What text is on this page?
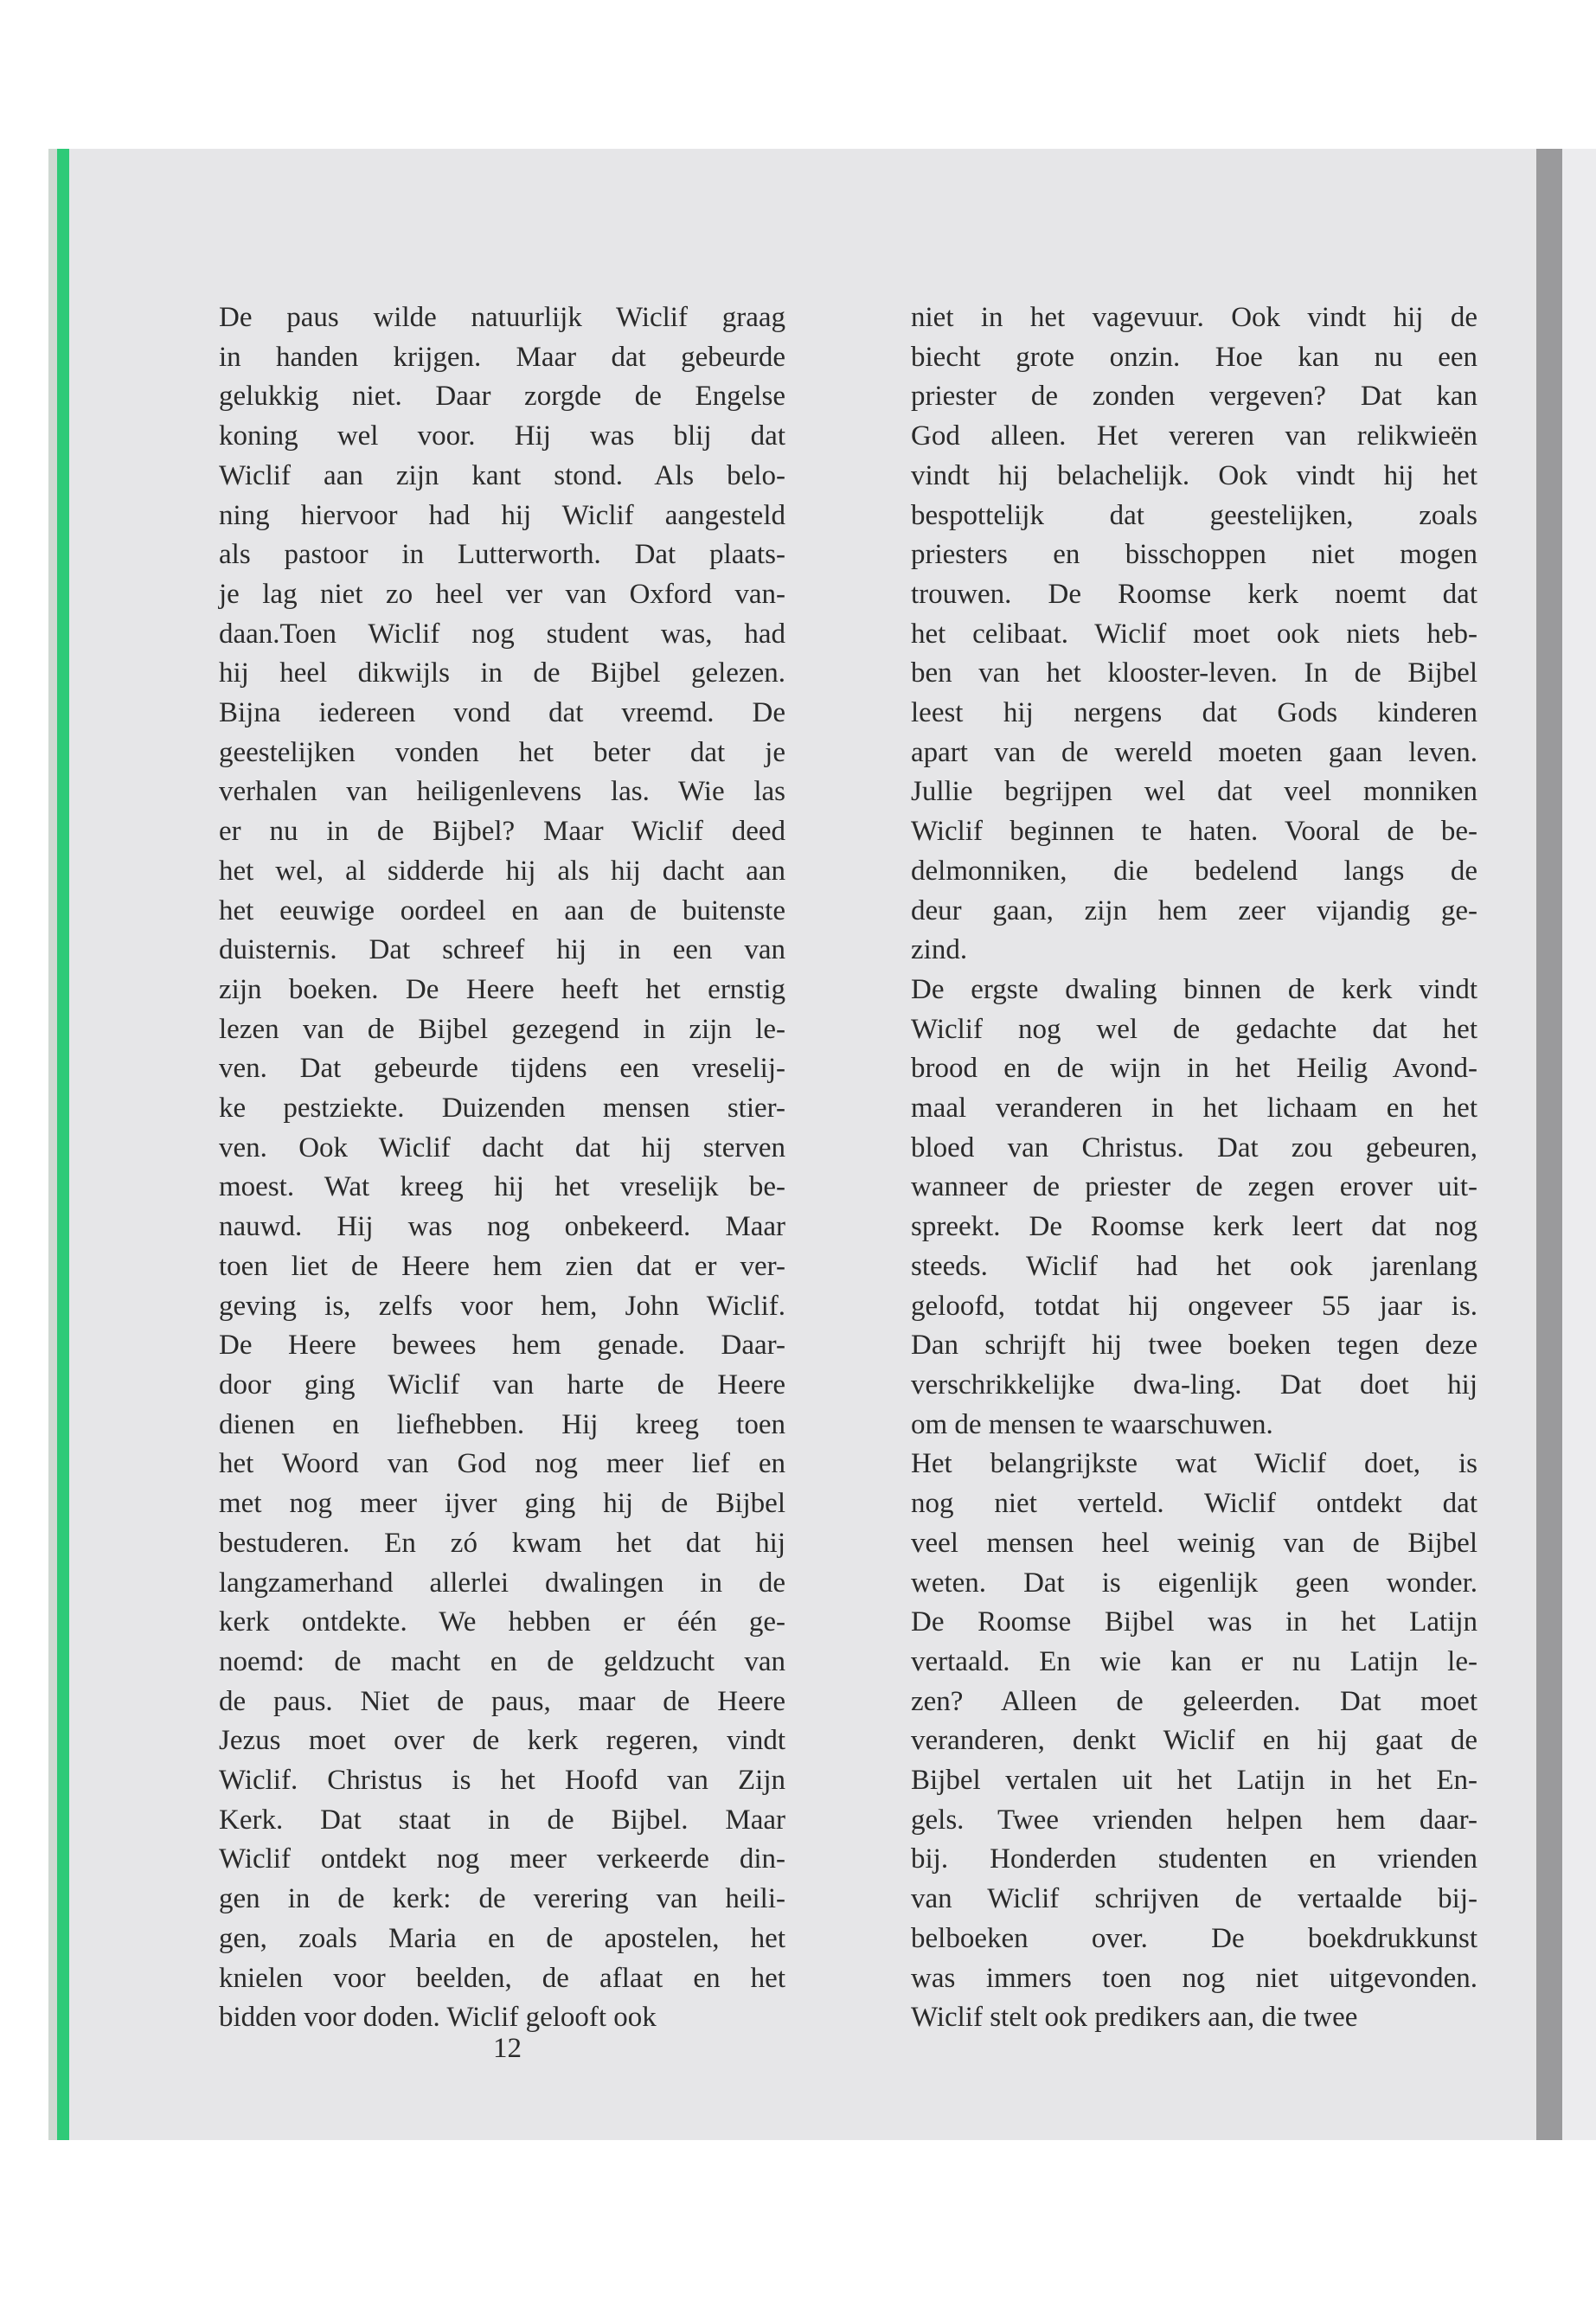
De paus wilde natuurlijk Wiclif graag
in handen krijgen. Maar dat gebeurde
gelukkig niet. Daar zorgde de Engelse
koning wel voor. Hij was blij dat
Wiclif aan zijn kant stond. Als belo-
ning hiervoor had hij Wiclif aangesteld
als pastoor in Lutterworth. Dat plaats-
je lag niet zo heel ver van Oxford van-
daan.Toen Wiclif nog student was, had
hij heel dikwijls in de Bijbel gelezen.
Bijna iedereen vond dat vreemd. De
geestelijken vonden het beter dat je
verhalen van heiligenlevens las. Wie las
er nu in de Bijbel? Maar Wiclif deed
het wel, al sidderde hij als hij dacht aan
het eeuwige oordeel en aan de buitenste
duisternis. Dat schreef hij in een van
zijn boeken. De Heere heeft het ernstig
lezen van de Bijbel gezegend in zijn le-
ven. Dat gebeurde tijdens een vreselij-
ke pestziekte. Duizenden mensen stier-
ven. Ook Wiclif dacht dat hij sterven
moest. Wat kreeg hij het vreselijk be-
nauwd. Hij was nog onbekeerd. Maar
toen liet de Heere hem zien dat er ver-
geving is, zelfs voor hem, John Wiclif.
De Heere bewees hem genade. Daar-
door ging Wiclif van harte de Heere
dienen en liefhebben. Hij kreeg toen
het Woord van God nog meer lief en
met nog meer ijver ging hij de Bijbel
bestuderen. En zó kwam het dat hij
langzamerhand allerlei dwalingen in de
kerk ontdekte. We hebben er één ge-
noemd: de macht en de geldzucht van
de paus. Niet de paus, maar de Heere
Jezus moet over de kerk regeren, vindt
Wiclif. Christus is het Hoofd van Zijn
Kerk. Dat staat in de Bijbel. Maar
Wiclif ontdekt nog meer verkeerde din-
gen in de kerk: de verering van heili-
gen, zoals Maria en de apostelen, het
knielen voor beelden, de aflaat en het
bidden voor doden. Wiclif gelooft ook
niet in het vagevuur. Ook vindt hij de
biecht grote onzin. Hoe kan nu een
priester de zonden vergeven? Dat kan
God alleen. Het vereren van relikwieën
vindt hij belachelijk. Ook vindt hij het
bespottelijk dat geestelijken, zoals
priesters en bisschoppen niet mogen
trouwen. De Roomse kerk noemt dat
het celibaat. Wiclif moet ook niets heb-
ben van het klooster-leven. In de Bijbel
leest hij nergens dat Gods kinderen
apart van de wereld moeten gaan leven.
Jullie begrijpen wel dat veel monniken
Wiclif beginnen te haten. Vooral de be-
delmonniken, die bedelend langs de
deur gaan, zijn hem zeer vijandig ge-
zind.
De ergste dwaling binnen de kerk vindt
Wiclif nog wel de gedachte dat het
brood en de wijn in het Heilig Avond-
maal veranderen in het lichaam en het
bloed van Christus. Dat zou gebeuren,
wanneer de priester de zegen erover uit-
spreekt. De Roomse kerk leert dat nog
steeds. Wiclif had het ook jarenlang
geloofd, totdat hij ongeveer 55 jaar is.
Dan schrijft hij twee boeken tegen deze
verschrikkelijke dwa-ling. Dat doet hij
om de mensen te waarschuwen.
Het belangrijkste wat Wiclif doet, is
nog niet verteld. Wiclif ontdekt dat
veel mensen heel weinig van de Bijbel
weten. Dat is eigenlijk geen wonder.
De Roomse Bijbel was in het Latijn
vertaald. En wie kan er nu Latijn le-
zen? Alleen de geleerden. Dat moet
veranderen, denkt Wiclif en hij gaat de
Bijbel vertalen uit het Latijn in het En-
gels. Twee vrienden helpen hem daar-
bij. Honderden studenten en vrienden
van Wiclif schrijven de vertaalde bij-
belboeken over. De boekdrukkunst
was immers toen nog niet uitgevonden.
Wiclif stelt ook predikers aan, die twee
12
